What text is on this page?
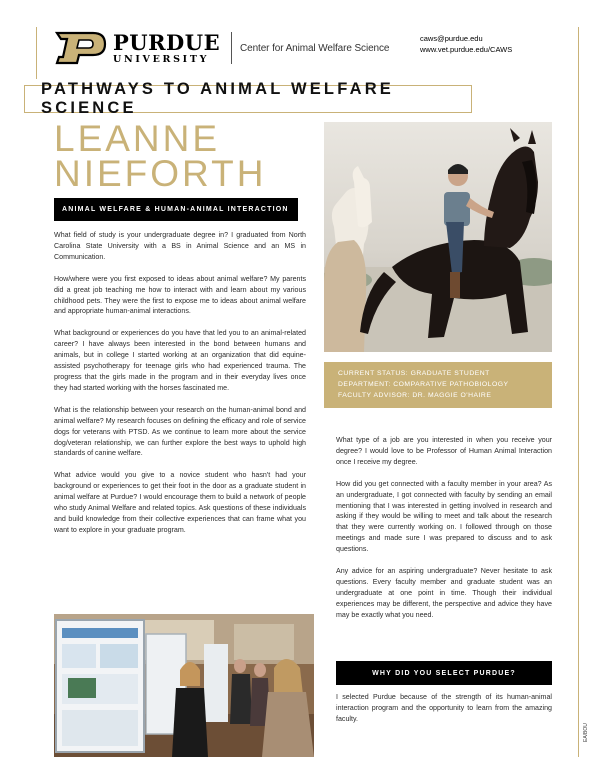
PURDUE
UNIVERSITY
Center for Animal Welfare Science
caws@purdue.edu
www.vet.purdue.edu/CAWS
PATHWAYS TO ANIMAL WELFARE SCIENCE
LEANNE
NIEFORTH
ANIMAL WELFARE & HUMAN-ANIMAL INTERACTION

What field of study is your undergraduate degree in? I graduated from North Carolina State University with a BS in Animal Science and an MS in Communication.

How/where were you first exposed to ideas about animal welfare? My parents did a great job teaching me how to interact with and learn about my various childhood pets. They were the first to expose me to ideas about animal welfare and appropriate human-animal interactions.

What background or experiences do you have that led you to an animal-related career? I have always been interested in the bond between humans and animals, but in college I started working at an organization that did equine-assisted psychotherapy for teenage girls who had experienced trauma. The progress that the girls made in the program and in their everyday lives once they had started working with the horses fascinated me.

What is the relationship between your research on the human-animal bond and animal welfare? My research focuses on defining the efficacy and role of service dogs for veterans with PTSD. As we continue to learn more about the service dog/veteran relationship, we can further explore the best ways to uphold high standards of canine welfare.

What advice would you give to a novice student who hasn't had your background or experiences to get their foot in the door as a graduate student in animal welfare at Purdue? I would encourage them to build a network of people who study Animal Welfare and related topics. Ask questions of these individuals and build knowledge from their collective experiences that can frame what you want to explore in your graduate program.

CURRENT STATUS: GRADUATE STUDENT
DEPARTMENT: COMPARATIVE PATHOBIOLOGY
FACULTY ADVISOR: DR. MAGGIE O'HAIRE

What type of a job are you interested in when you receive your degree? I would love to be Professor of Human Animal Interaction once I receive my degree.

How did you get connected with a faculty member in your area? As an undergraduate, I got connected with faculty by sending an email mentioning that I was interested in getting involved in research and asking if they would be willing to meet and talk about the research that they were currently working on. I followed through on those meetings and made sure I was prepared to discuss and to ask questions.

Any advice for an aspiring undergraduate? Never hesitate to ask questions. Every faculty member and graduate student was an undergraduate at one point in time. Though their individual experiences may be different, the perspective and advice they have may be exactly what you need.

WHY DID YOU SELECT PURDUE?
I selected Purdue because of the strength of its human-animal interaction program and the opportunity to learn from the amazing faculty.
EA/BOU
